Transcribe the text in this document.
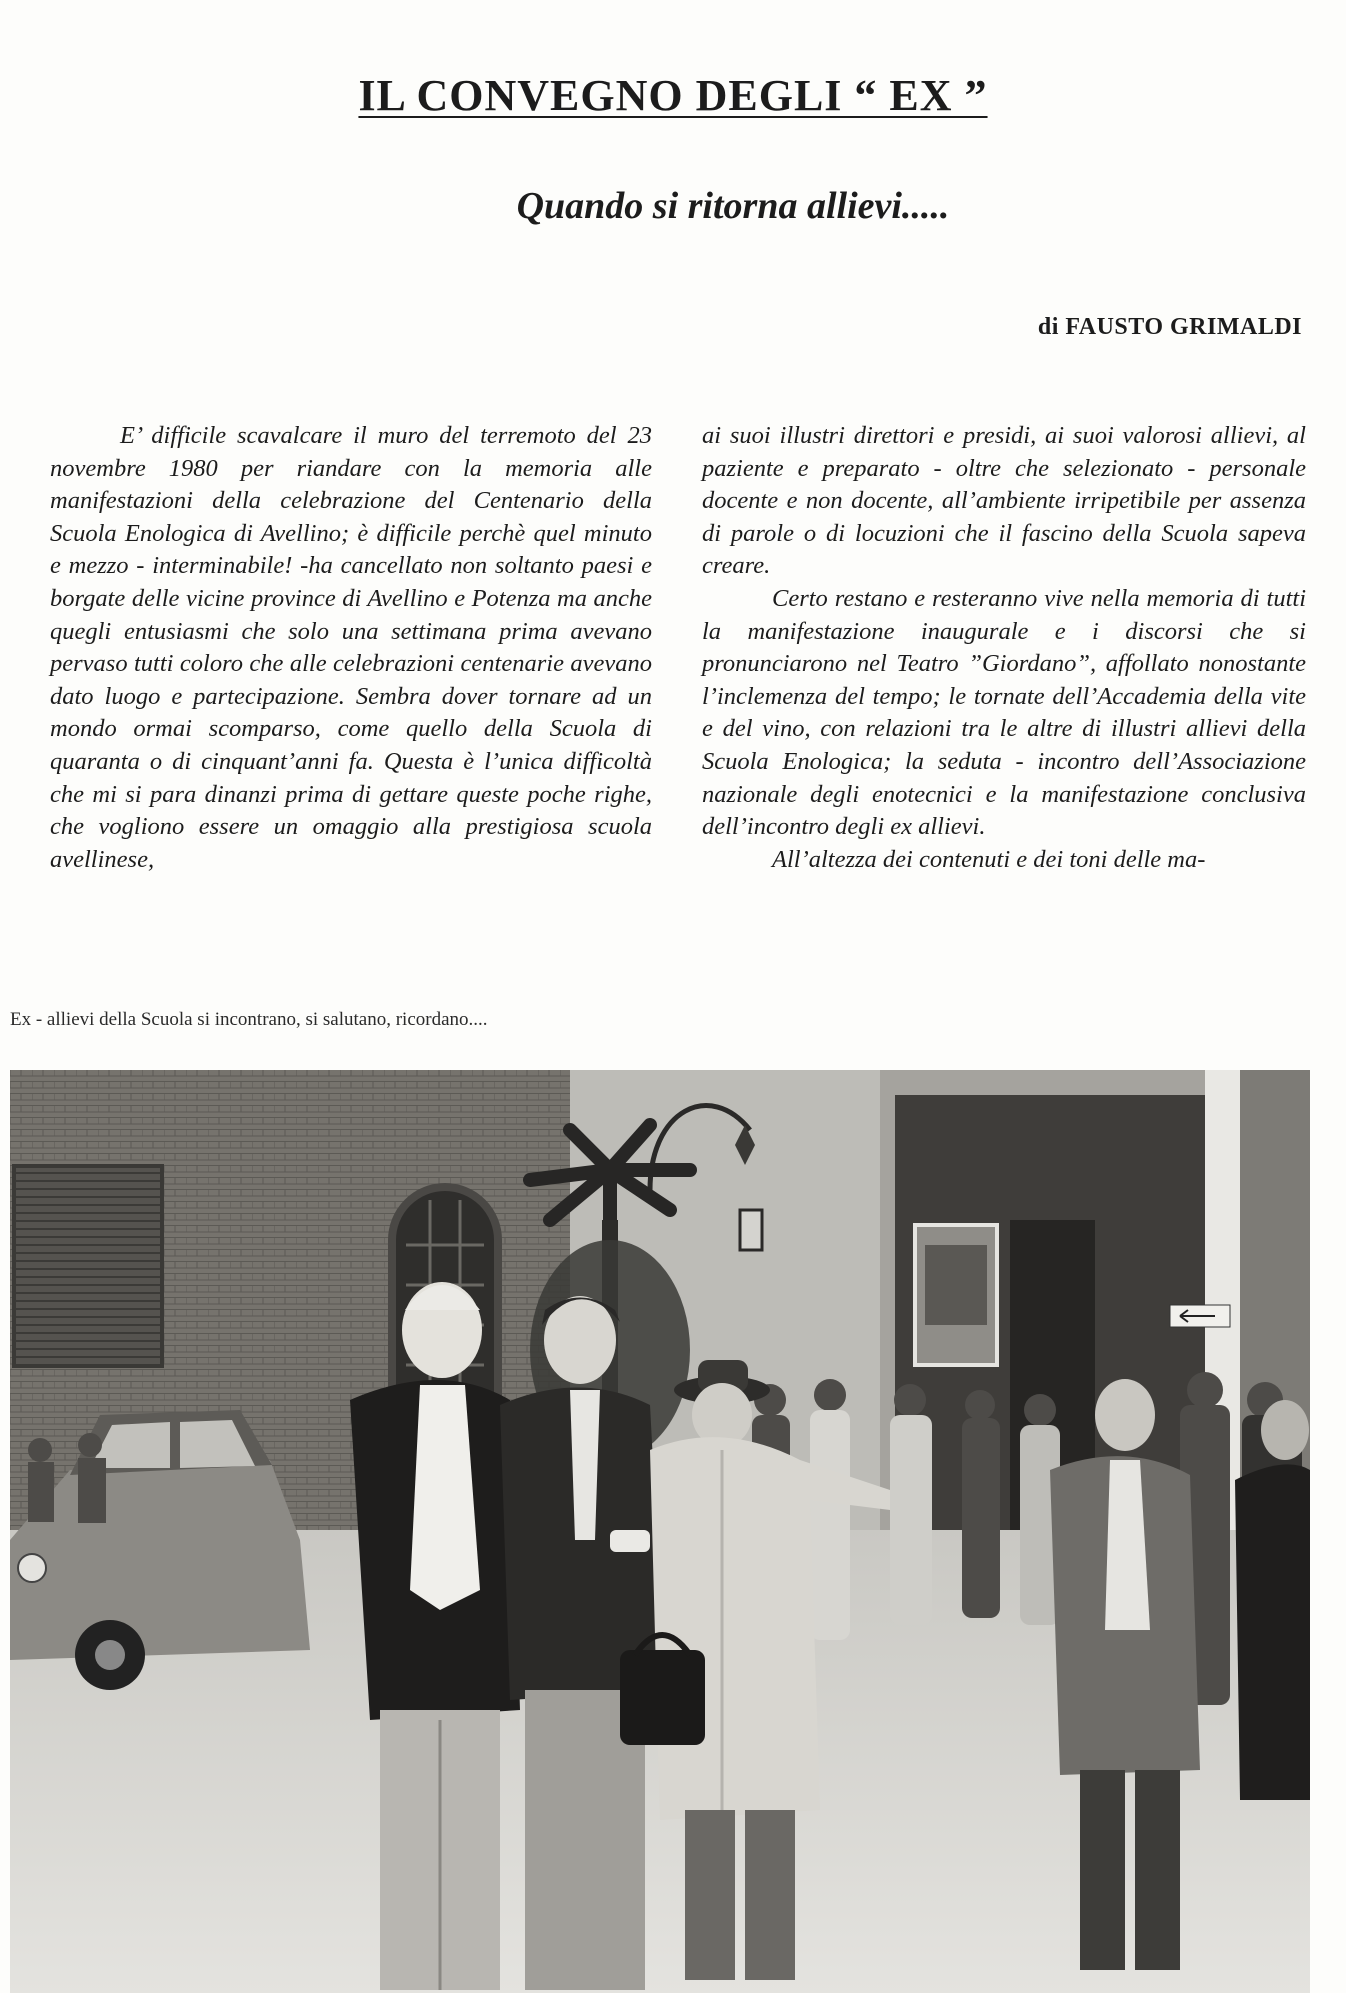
IL CONVEGNO DEGLI “ EX ”
Quando si ritorna allievi.....
di FAUSTO GRIMALDI

E’ difficile scavalcare il muro del terremoto del 23 novembre 1980 per riandare con la memoria alle manifestazioni della celebrazione del Centenario della Scuola Enologica di Avellino; è difficile perchè quel minuto e mezzo - interminabile! -ha cancellato non soltanto paesi e borgate delle vicine province di Avellino e Potenza ma anche quegli entusiasmi che solo una settimana prima avevano pervaso tutti coloro che alle celebrazioni centenarie avevano dato luogo e partecipazione. Sembra dover tornare ad un mondo ormai scomparso, come quello della Scuola di quaranta o di cinquant’anni fa. Questa è l’unica difficoltà che mi si para dinanzi prima di gettare queste poche righe, che vogliono essere un omaggio alla prestigiosa scuola avellinese,

ai suoi illustri direttori e presidi, ai suoi valorosi allievi, al paziente e preparato - oltre che selezionato - personale docente e non docente, all’ambiente irripetibile per assenza di parole o di locuzioni che il fascino della Scuola sapeva creare.

Certo restano e resteranno vive nella memoria di tutti la manifestazione inaugurale e i discorsi che si pronunciarono nel Teatro ”Giordano”, affollato nonostante l’inclemenza del tempo; le tornate dell’Accademia della vite e del vino, con relazioni tra le altre di illustri allievi della Scuola Enologica; la seduta - incontro dell’Associazione nazionale degli enotecnici e la manifestazione conclusiva dell’incontro degli ex allievi.

All’altezza dei contenuti e dei toni delle ma-

Ex - allievi della Scuola si incontrano, si salutano, ricordano....
